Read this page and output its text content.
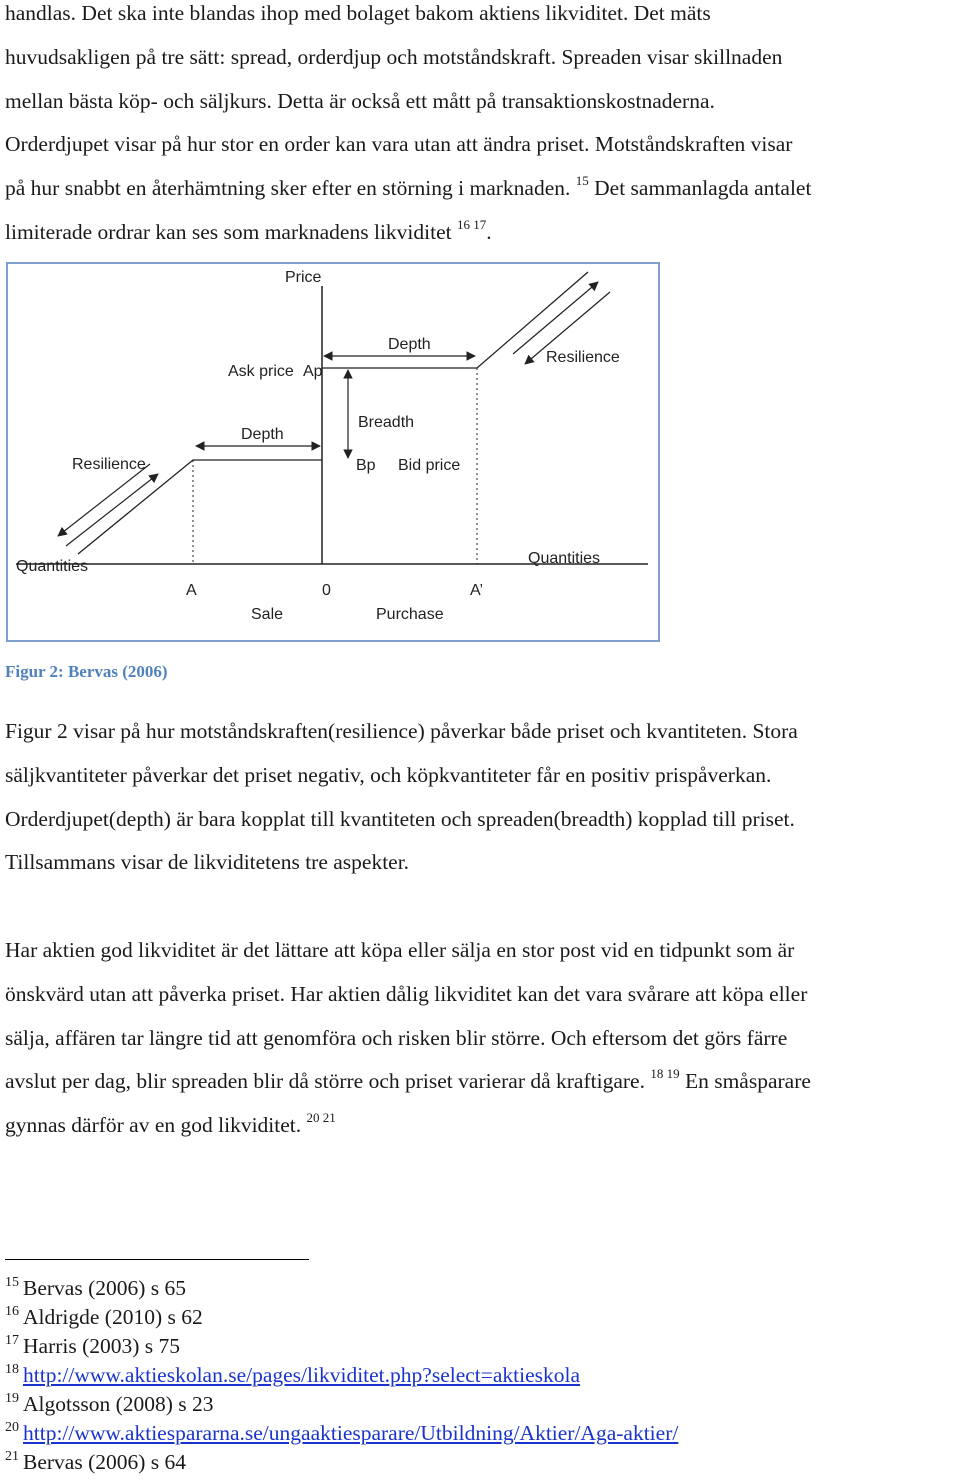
handlas. Det ska inte blandas ihop med bolaget bakom aktiens likviditet. Det mäts
huvudsakligen på tre sätt: spread, orderdjup och motståndskraft. Spreaden visar skillnaden
mellan bästa köp- och säljkurs. Detta är också ett mått på transaktionskostnaderna.
Orderdjupet visar på hur stor en order kan vara utan att ändra priset. Motståndskraften visar
på hur snabbt en återhämtning sker efter en störning i marknaden. $^{15}$ Det sammanlagda antalet
limiterade ordrar kan ses som marknadens likviditet $^{16 17}$.
Price
Ask price Ap
Depth
Breadth
Bp Bid price
Depth
Resilience
Resilience
Quantities	Quantities
A	0	A’
Sale	Purchase
Figur 2: Bervas (2006)
Figur 2 visar på hur motståndskraften(resilience) påverkar både priset och kvantiteten. Stora
säljkvantiteter påverkar det priset negativ, och köpkvantiteter får en positiv prispåverkan.
Orderdjupet(depth) är bara kopplat till kvantiteten och spreaden(breadth) kopplad till priset.
Tillsammans visar de likviditetens tre aspekter.
Har aktien god likviditet är det lättare att köpa eller sälja en stor post vid en tidpunkt som är
önskvärd utan att påverka priset. Har aktien dålig likviditet kan det vara svårare att köpa eller
sälja, affären tar längre tid att genomföra och risken blir större. Och eftersom det görs färre
avslut per dag, blir spreaden blir då större och priset varierar då kraftigare. $^{18 19}$ En småsparare
gynnas därför av en god likviditet. $^{20 21}$
$^{15}$ Bervas (2006) s 65
$^{16}$ Aldrigde (2010) s 62
$^{17}$ Harris (2003) s 75
$^{18}$ http://www.aktieskolan.se/pages/likviditet.php?select=aktieskola
$^{19}$ Algotsson (2008) s 23
$^{20}$ http://www.aktiespararna.se/ungaaktiesparare/Utbildning/Aktier/Aga-aktier/
$^{21}$ Bervas (2006) s 64
